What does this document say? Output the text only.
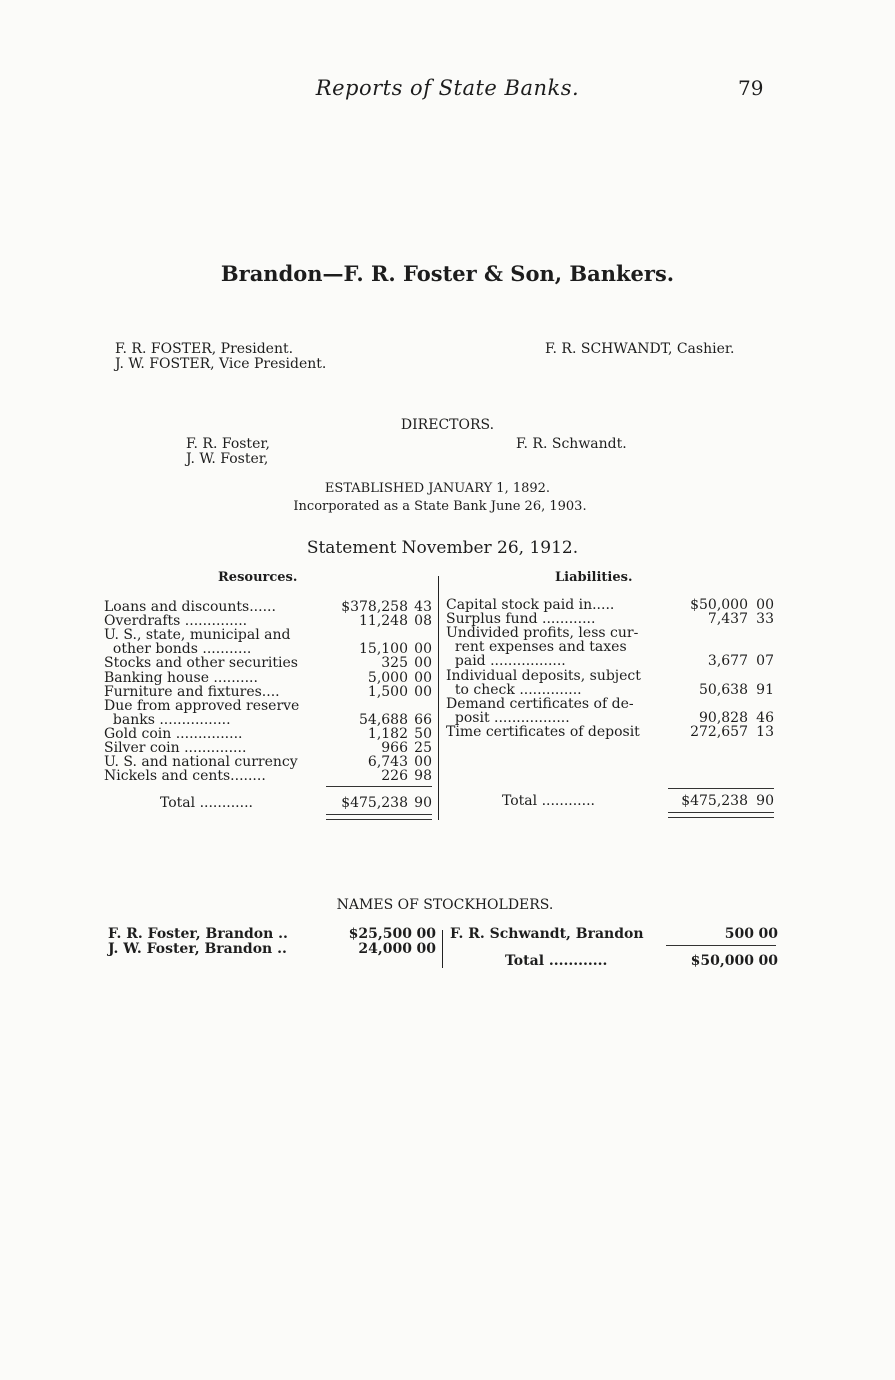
Reports of State Banks.	79
Brandon—F. R. Foster & Son, Bankers.
F. R. FOSTER, President.
J. W. FOSTER, Vice President.
F. R. SCHWANDT, Cashier.
DIRECTORS.
F. R. Foster,
J. W. Foster,
F. R. Schwandt.
ESTABLISHED JANUARY 1, 1892.
Incorporated as a State Bank June 26, 1903.
Statement November 26, 1912.
Resources.	Liabilities.
Loans and discounts......	$378,258 43
Overdrafts ..............	11,248 08
U. S., state, municipal and
other bonds ...........	15,100 00
Stocks and other securities	325 00
Banking house ..........	5,000 00
Furniture and fixtures....	1,500 00
Due from approved reserve
banks ................	54,688 66
Gold coin ...............	1,182 50
Silver coin ..............	966 25
U. S. and national currency	6,743 00
Nickels and cents........	226 98
Total ............	$475,238 90
Capital stock paid in.....	$50,000 00
Surplus fund ............	7,437 33
Undivided profits, less cur-
rent expenses and taxes
paid .................	3,677 07
Individual deposits, subject
to check ..............	50,638 91
Demand certificates of de-
posit .................	90,828 46
Time certificates of deposit	272,657 13
Total ............	$475,238 90
NAMES OF STOCKHOLDERS.
F. R. Foster, Brandon ..	$25,500 00
J. W. Foster, Brandon ..	24,000 00
F. R. Schwandt, Brandon	500 00
Total ............	$50,000 00
